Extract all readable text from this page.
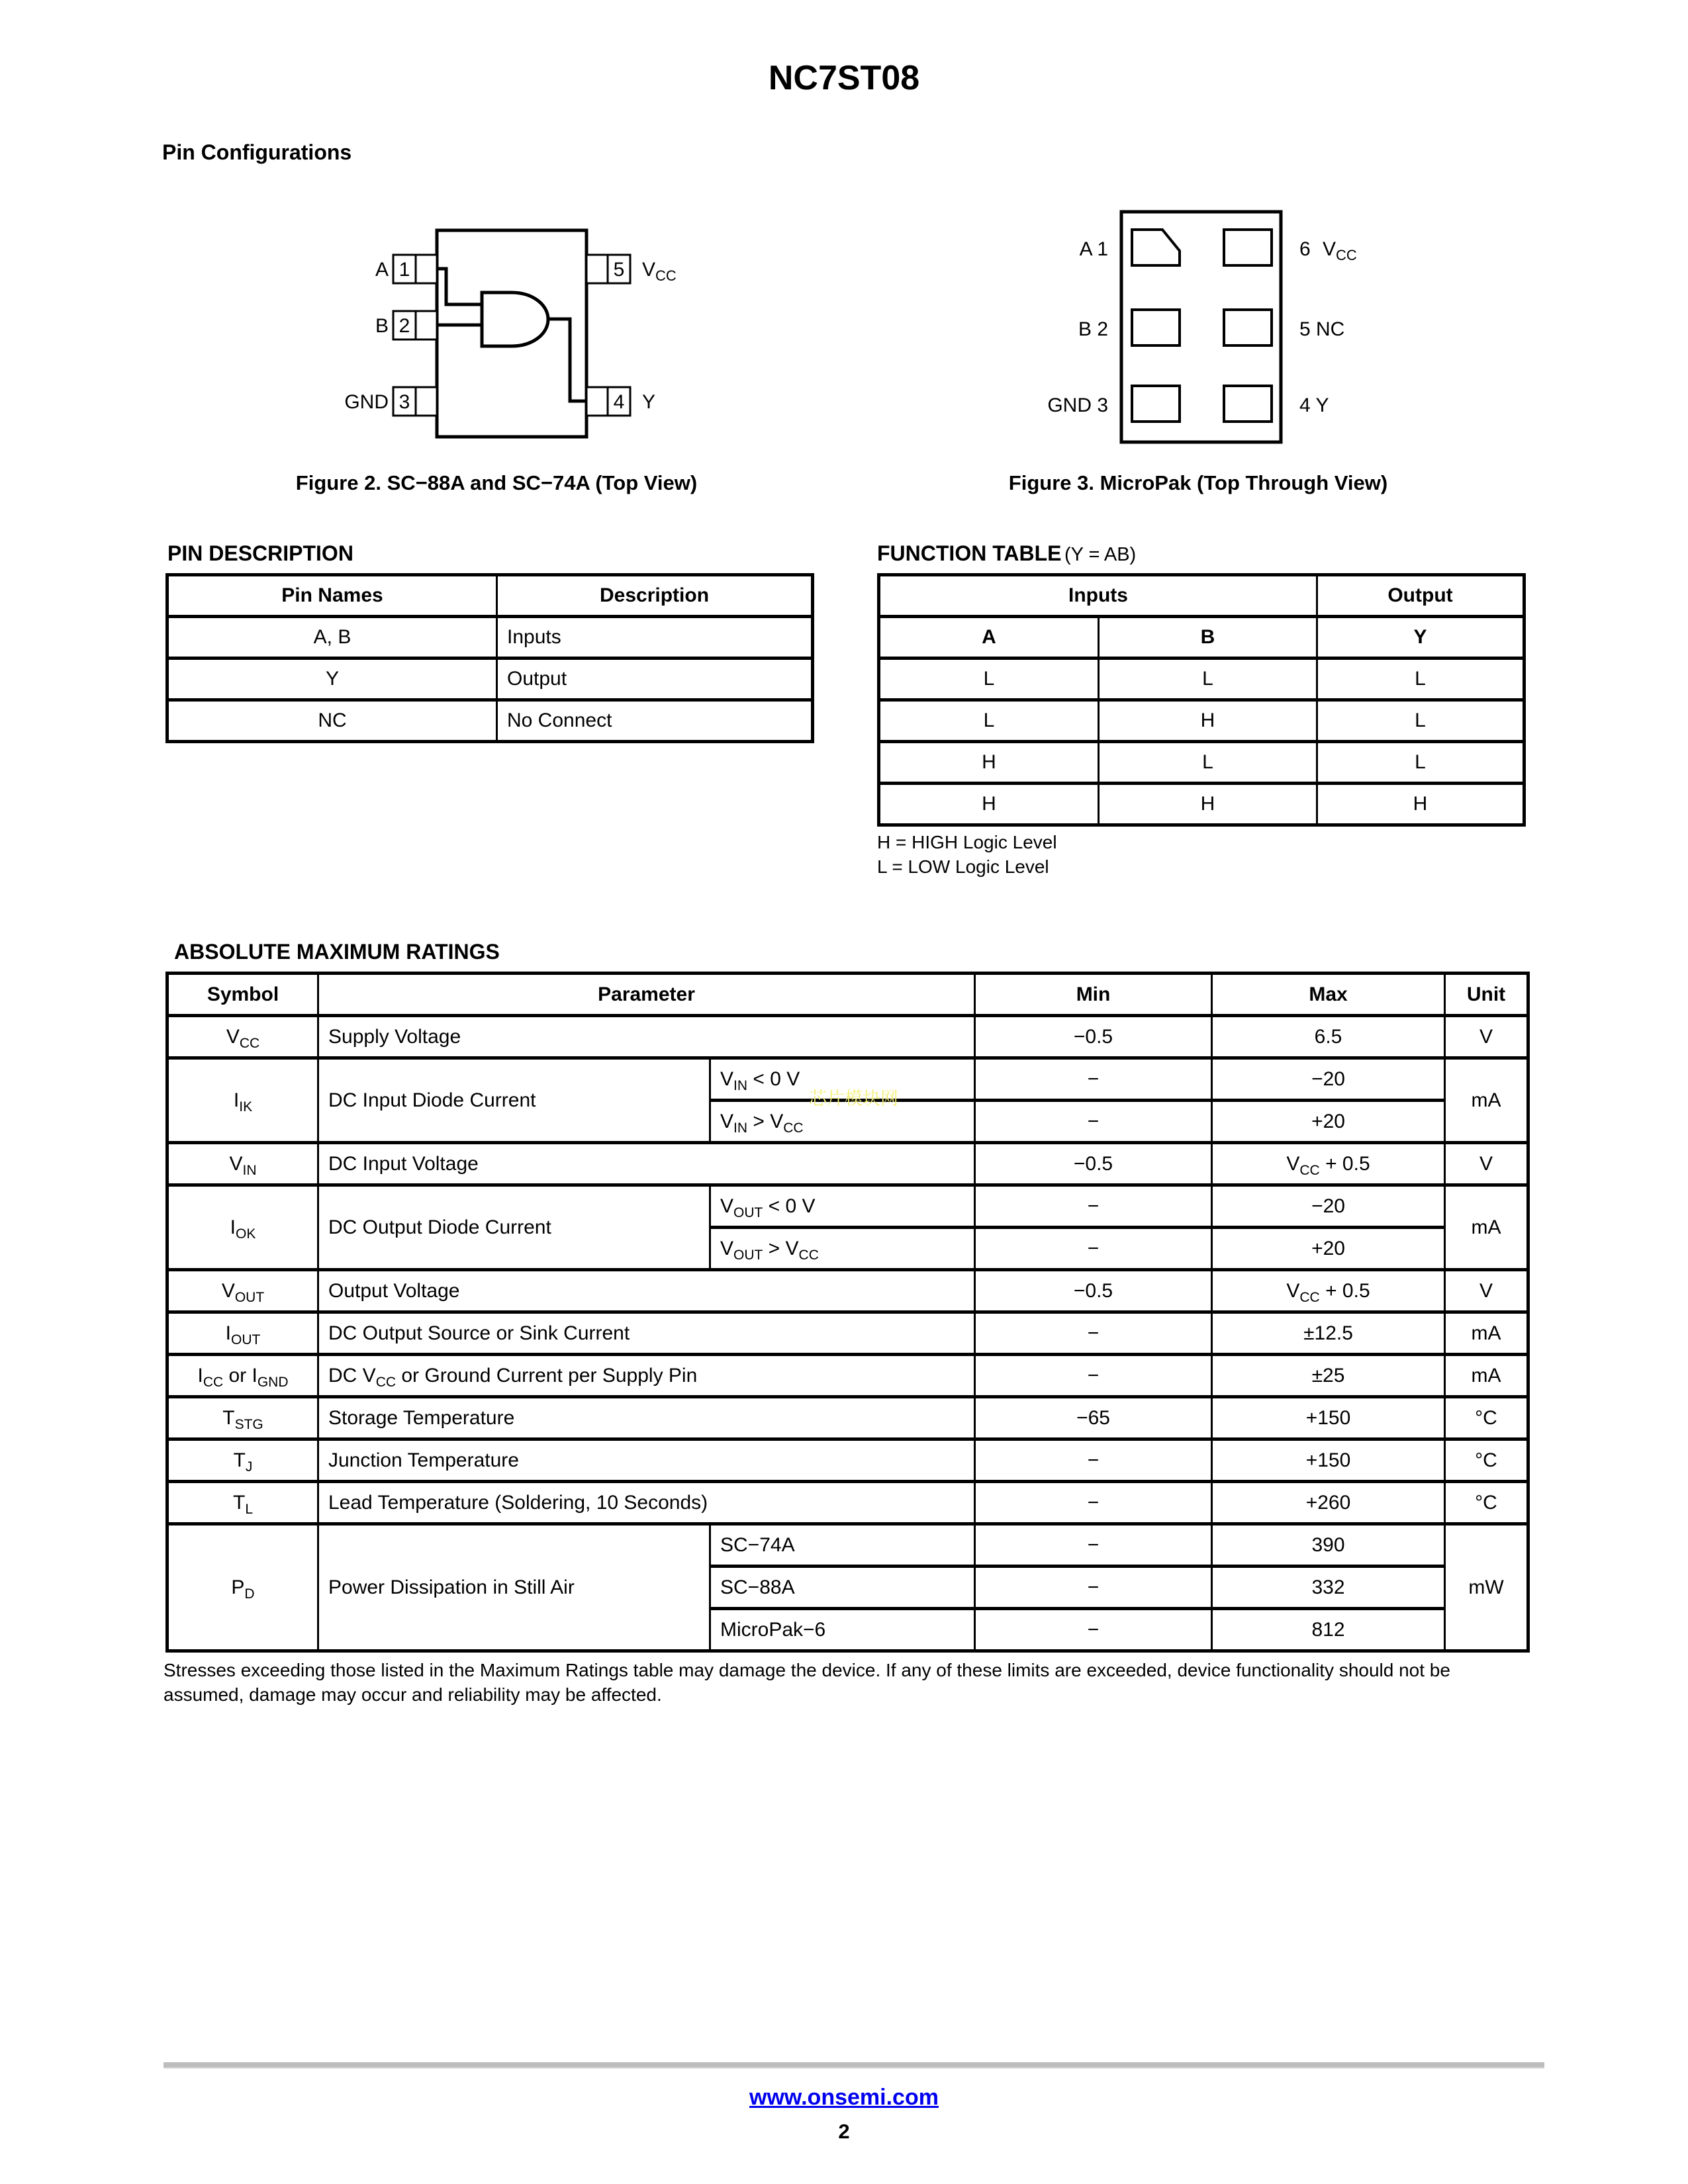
NC7ST08
Pin Configurations
1
2
3
5
4
A
B
GND
$V_{CC}$
Y
A 1
B 2
GND 3
6 $V_{CC}$
5 NC
4 Y
Figure 2. SC−88A and SC−74A (Top View)	Figure 3. MicroPak (Top Through View)
PIN DESCRIPTION
Pin Names	Description
A, B	Inputs
Y	Output
NC	No Connect
FUNCTION TABLE (Y = AB)
Inputs		Output
A	B	Y
L	L	L
L	H	L
H	L	L
H	H	H
H = HIGH Logic Level
L = LOW Logic Level
ABSOLUTE MAXIMUM RATINGS
Symbol	Parameter		Min	Max	Unit
$V_{CC}$	Supply Voltage		−0.5	6.5	V
$I_{IK}$	DC Input Diode Current	$V_{IN} < 0$ V	−	−20	mA
		$V_{IN} > V_{CC}$	−	+20	
$V_{IN}$	DC Input Voltage		−0.5	$V_{CC} + 0.5$	V
$I_{OK}$	DC Output Diode Current	$V_{OUT} < 0$ V	−	−20	mA
		$V_{OUT} > V_{CC}$	−	+20	
$V_{OUT}$	Output Voltage		−0.5	$V_{CC} + 0.5$	V
$I_{OUT}$	DC Output Source or Sink Current		−	±12.5	mA
$I_{CC}$ or $I_{GND}$	DC $V_{CC}$ or Ground Current per Supply Pin		−	±25	mA
$T_{STG}$	Storage Temperature		−65	+150	°C
$T_J$	Junction Temperature		−	+150	°C
$T_L$	Lead Temperature (Soldering, 10 Seconds)		−	+260	°C
$P_D$	Power Dissipation in Still Air	SC−74A	−	390	mW
		SC−88A	−	332	
		MicroPak−6	−	812	
芯片模块网
Stresses exceeding those listed in the Maximum Ratings table may damage the device. If any of these limits are exceeded, device functionality should not be assumed, damage may occur and reliability may be affected.
www.onsemi.com
2
